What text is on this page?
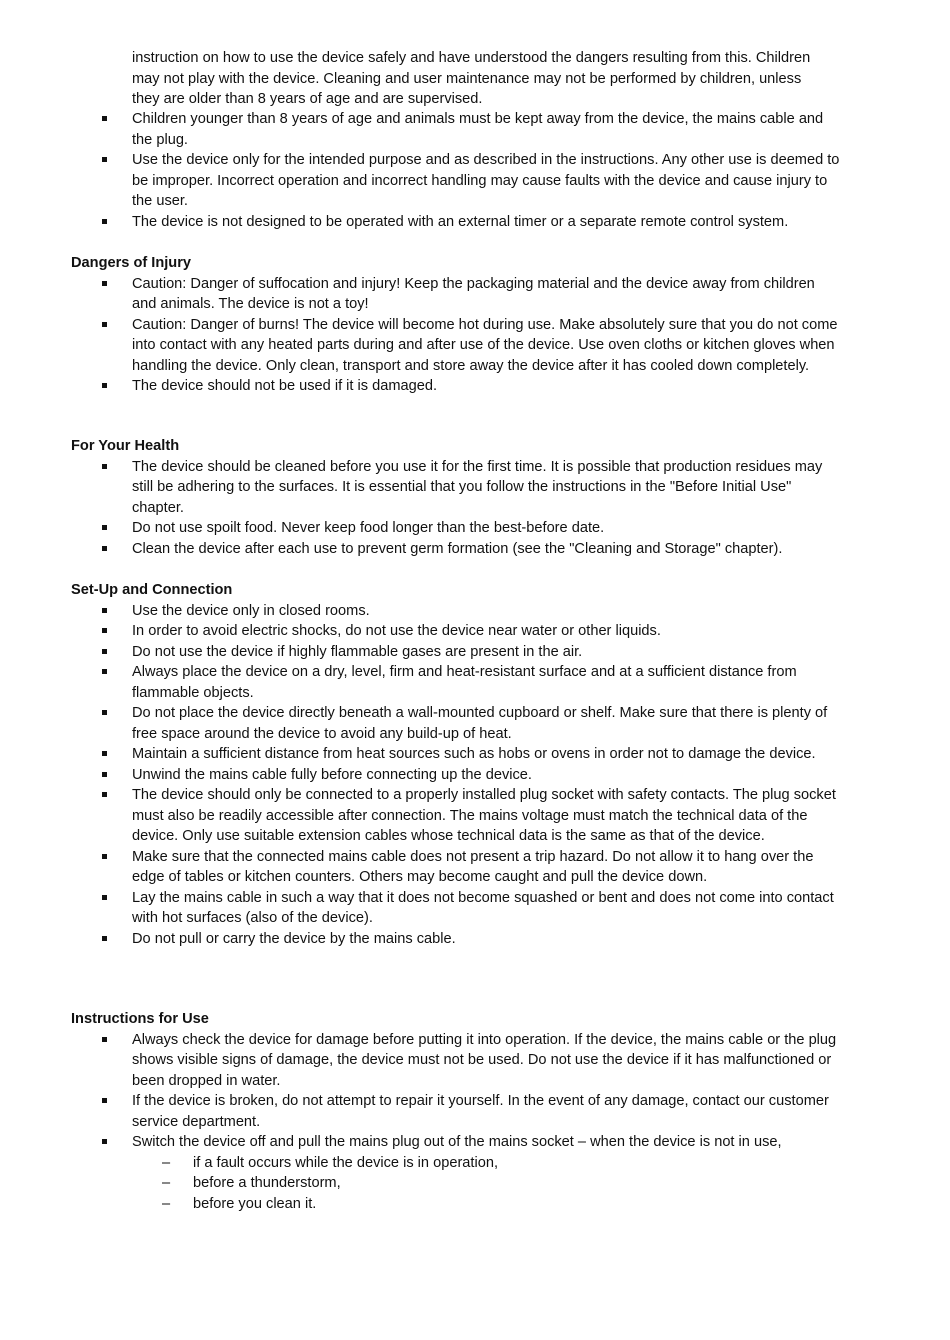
instruction on how to use the device safely and have understood the dangers resulting from this. Children may not play with the device. Cleaning and user maintenance may not be performed by children, unless they are older than 8 years of age and are supervised.
Children younger than 8 years of age and animals must be kept away from the device, the mains cable and the plug.
Use the device only for the intended purpose and as described in the instructions. Any other use is deemed to be improper. Incorrect operation and incorrect handling may cause faults with the device and cause injury to the user.
The device is not designed to be operated with an external timer or a separate remote control system.
Dangers of Injury
Caution: Danger of suffocation and injury! Keep the packaging material and the device away from children and animals. The device is not a toy!
Caution: Danger of burns! The device will become hot during use. Make absolutely sure that you do not come into contact with any heated parts during and after use of the device. Use oven cloths or kitchen gloves when handling the device. Only clean, transport and store away the device after it has cooled down completely.
The device should not be used if it is damaged.
For Your Health
The device should be cleaned before you use it for the first time. It is possible that production residues may still be adhering to the surfaces. It is essential that you follow the instructions in the "Before Initial Use" chapter.
Do not use spoilt food. Never keep food longer than the best-before date.
Clean the device after each use to prevent germ formation (see the "Cleaning and Storage" chapter).
Set-Up and Connection
Use the device only in closed rooms.
In order to avoid electric shocks, do not use the device near water or other liquids.
Do not use the device if highly flammable gases are present in the air.
Always place the device on a dry, level, firm and heat-resistant surface and at a sufficient distance from flammable objects.
Do not place the device directly beneath a wall-mounted cupboard or shelf. Make sure that there is plenty of free space around the device to avoid any build-up of heat.
Maintain a sufficient distance from heat sources such as hobs or ovens in order not to damage the device.
Unwind the mains cable fully before connecting up the device.
The device should only be connected to a properly installed plug socket with safety contacts. The plug socket must also be readily accessible after connection. The mains voltage must match the technical data of the device. Only use suitable extension cables whose technical data is the same as that of the device.
Make sure that the connected mains cable does not present a trip hazard. Do not allow it to hang over the edge of tables or kitchen counters. Others may become caught and pull the device down.
Lay the mains cable in such a way that it does not become squashed or bent and does not come into contact with hot surfaces (also of the device).
Do not pull or carry the device by the mains cable.
Instructions for Use
Always check the device for damage before putting it into operation. If the device, the mains cable or the plug shows visible signs of damage, the device must not be used. Do not use the device if it has malfunctioned or been dropped in water.
If the device is broken, do not attempt to repair it yourself. In the event of any damage, contact our customer service department.
Switch the device off and pull the mains plug out of the mains socket – when the device is not in use,
– if a fault occurs while the device is in operation,
– before a thunderstorm,
– before you clean it.
